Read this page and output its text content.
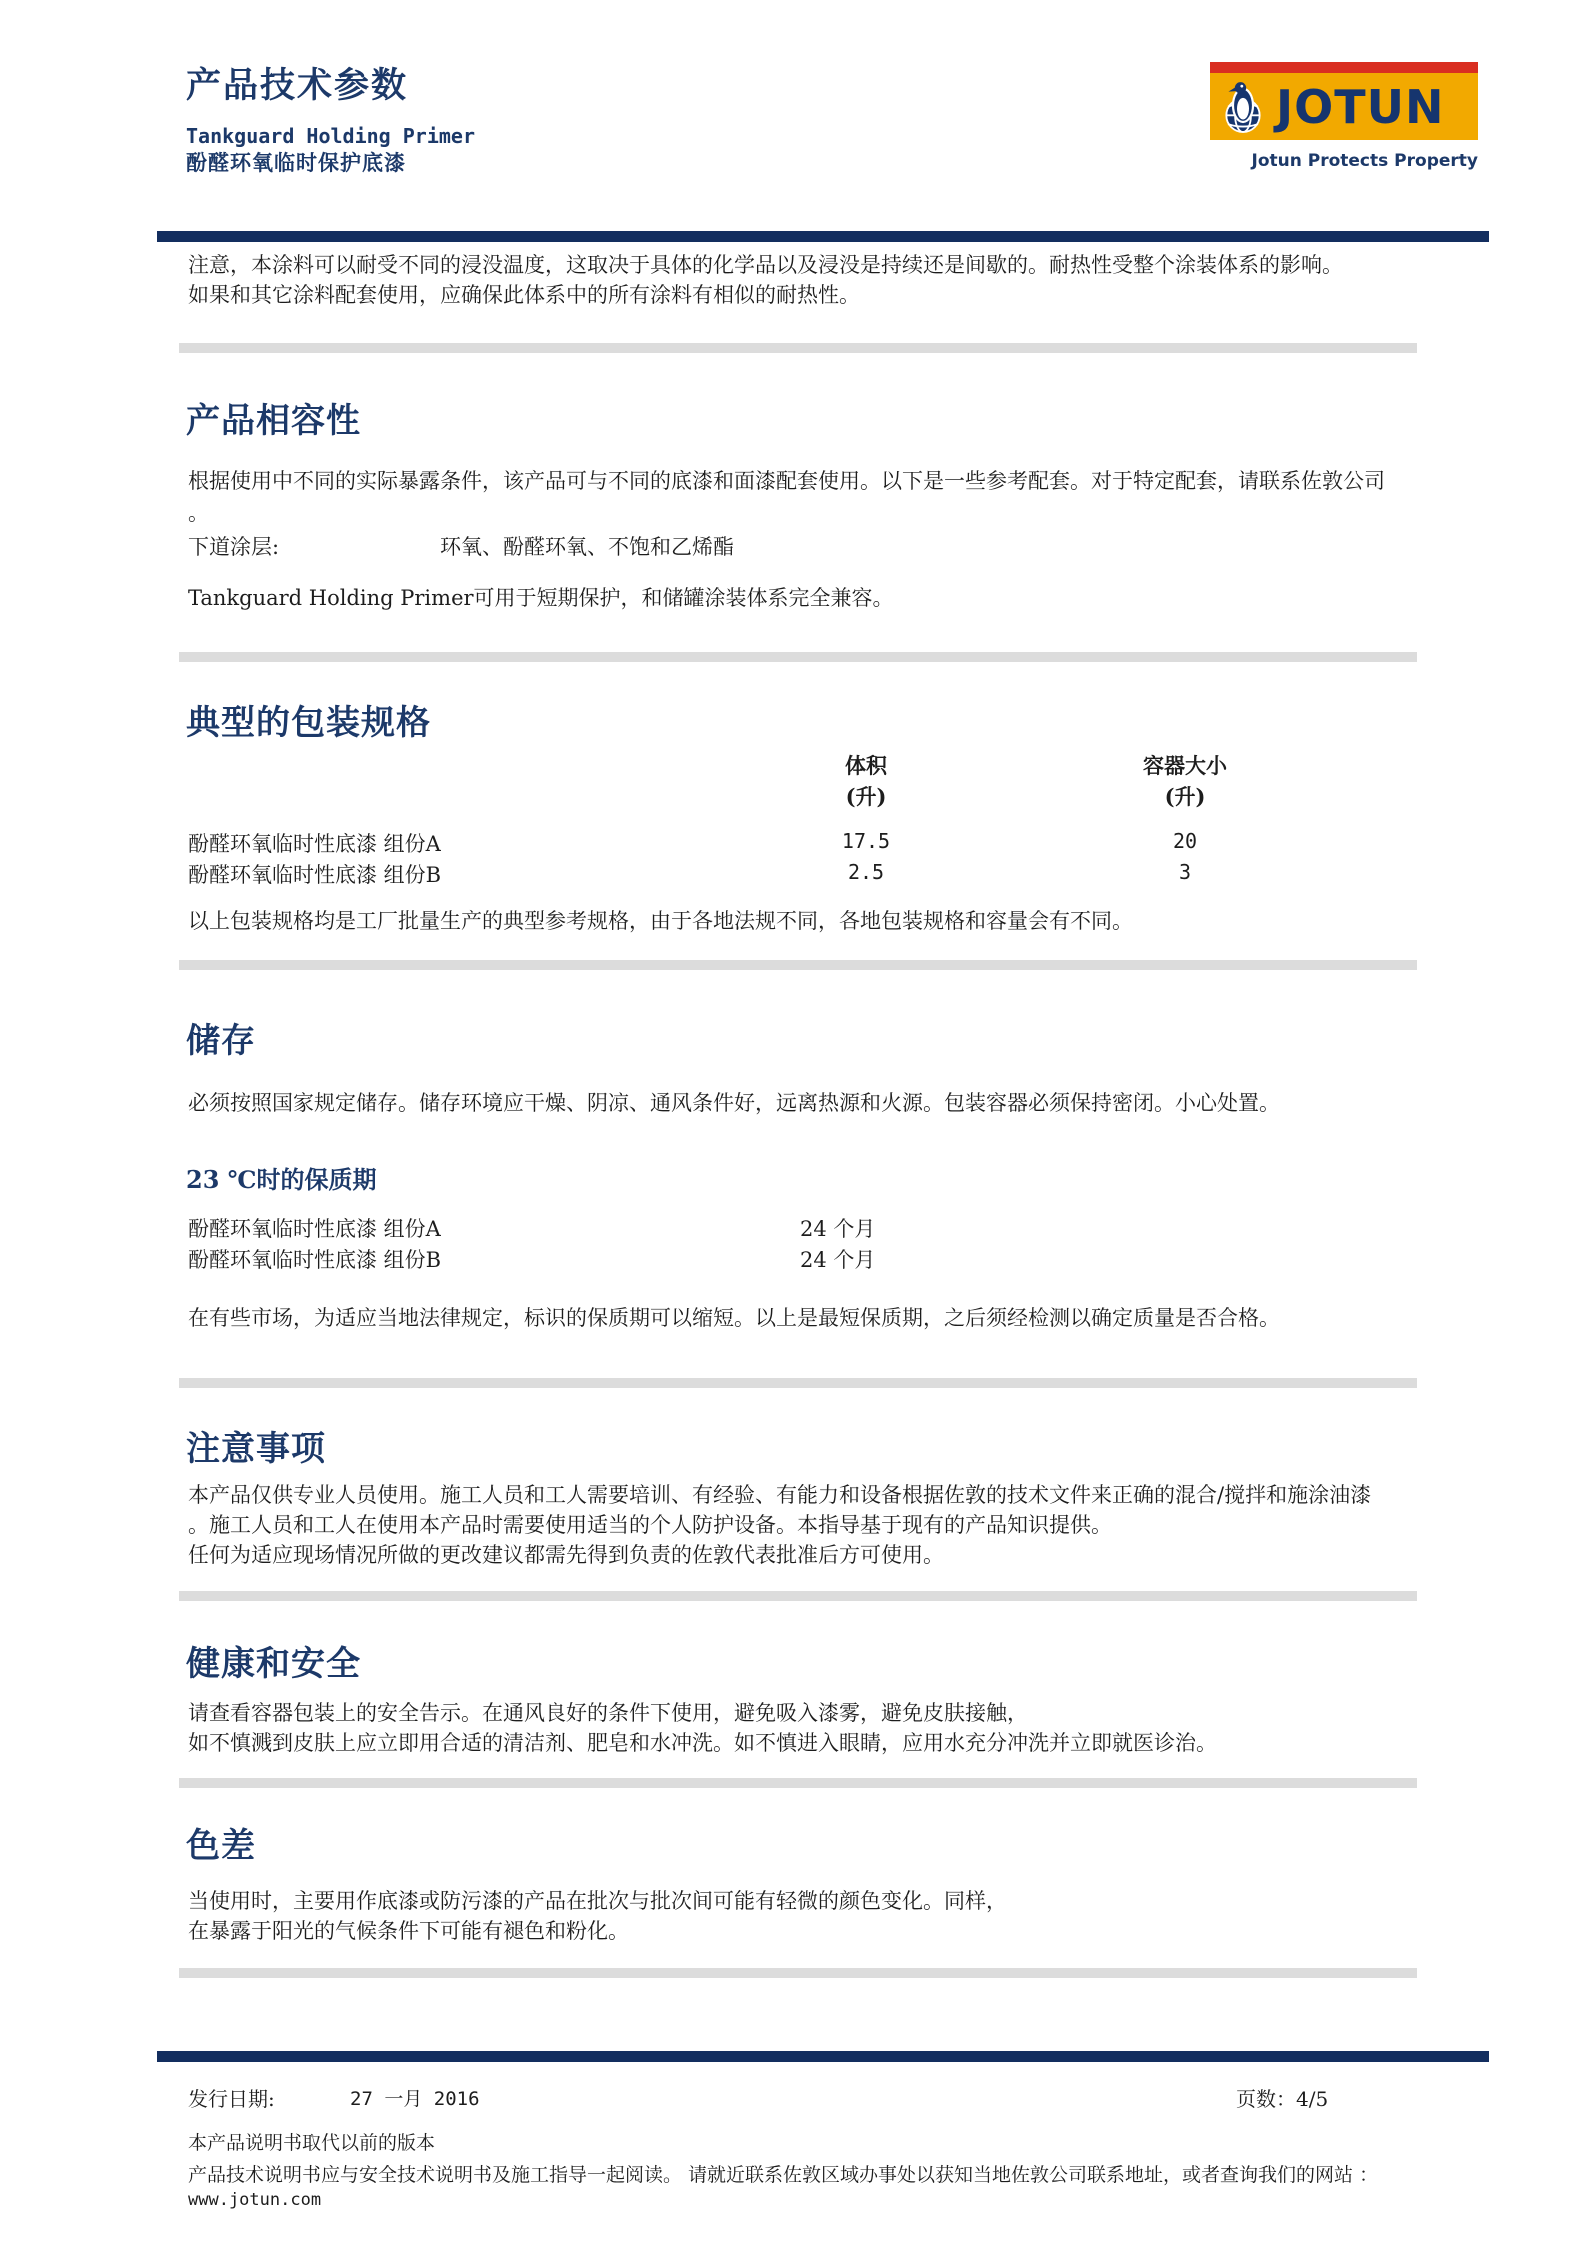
产品技术参数
Tankguard Holding Primer
酚醛环氧临时保护底漆
JOTUN
Jotun Protects Property
注意，本涂料可以耐受不同的浸没温度，这取决于具体的化学品以及浸没是持续还是间歇的。耐热性受整个涂装体系的影响。
如果和其它涂料配套使用，应确保此体系中的所有涂料有相似的耐热性。
产品相容性
根据使用中不同的实际暴露条件，该产品可与不同的底漆和面漆配套使用。以下是一些参考配套。对于特定配套，请联系佐敦公司
。
下道涂层:	环氧、酚醛环氧、不饱和乙烯酯
Tankguard Holding Primer可用于短期保护，和储罐涂装体系完全兼容。
典型的包装规格
体积
(升)
容器大小
(升)
酚醛环氧临时性底漆 组份A	17.5	20
酚醛环氧临时性底漆 组份B	2.5	3
以上包装规格均是工厂批量生产的典型参考规格，由于各地法规不同，各地包装规格和容量会有不同。
储存
必须按照国家规定储存。储存环境应干燥、阴凉、通风条件好，远离热源和火源。包装容器必须保持密闭。小心处置。
23 ℃时的保质期
酚醛环氧临时性底漆 组份A	24 个月
酚醛环氧临时性底漆 组份B	24 个月
在有些市场，为适应当地法律规定，标识的保质期可以缩短。以上是最短保质期，之后须经检测以确定质量是否合格。
注意事项
本产品仅供专业人员使用。施工人员和工人需要培训、有经验、有能力和设备根据佐敦的技术文件来正确的混合/搅拌和施涂油漆
。施工人员和工人在使用本产品时需要使用适当的个人防护设备。本指导基于现有的产品知识提供。
任何为适应现场情况所做的更改建议都需先得到负责的佐敦代表批准后方可使用。
健康和安全
请查看容器包装上的安全告示。在通风良好的条件下使用，避免吸入漆雾，避免皮肤接触，
如不慎溅到皮肤上应立即用合适的清洁剂、肥皂和水冲洗。如不慎进入眼睛，应用水充分冲洗并立即就医诊治。
色差
当使用时，主要用作底漆或防污漆的产品在批次与批次间可能有轻微的颜色变化。同样，
在暴露于阳光的气候条件下可能有褪色和粉化。
发行日期:	27 一月 2016	页数：4/5
本产品说明书取代以前的版本
产品技术说明书应与安全技术说明书及施工指导一起阅读。 请就近联系佐敦区域办事处以获知当地佐敦公司联系地址，或者查询我们的网站 ：
www.jotun.com
